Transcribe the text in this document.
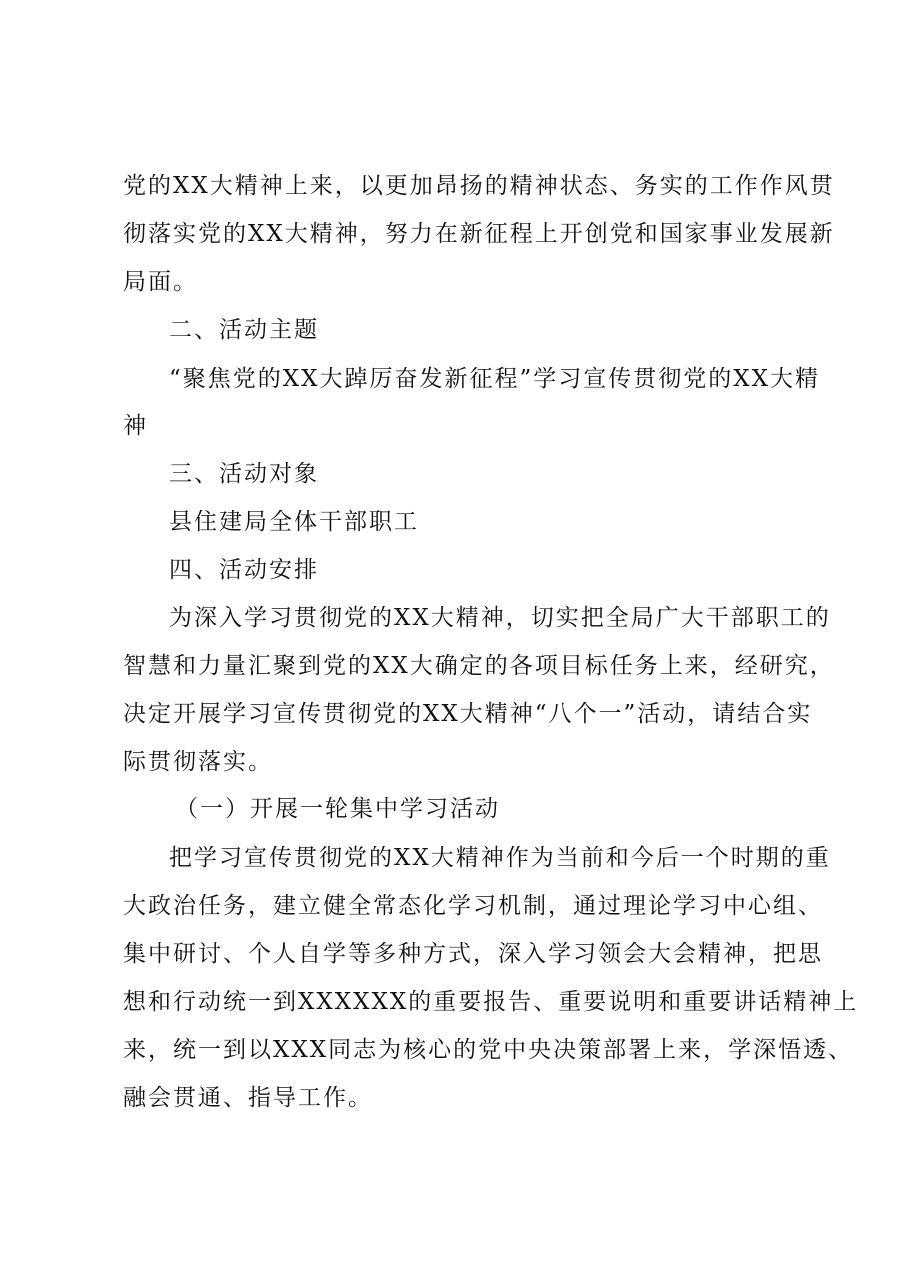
党的XX大精神上来，以更加昂扬的精神状态、务实的工作作风贯
彻落实党的XX大精神，努力在新征程上开创党和国家事业发展新
局面。
二、活动主题
“聚焦党的XX大踔厉奋发新征程”学习宣传贯彻党的XX大精
神
三、活动对象
县住建局全体干部职工
四、活动安排
为深入学习贯彻党的XX大精神，切实把全局广大干部职工的
智慧和力量汇聚到党的XX大确定的各项目标任务上来，经研究，
决定开展学习宣传贯彻党的XX大精神“八个一”活动，请结合实
际贯彻落实。
（一）开展一轮集中学习活动
把学习宣传贯彻党的XX大精神作为当前和今后一个时期的重
大政治任务，建立健全常态化学习机制，通过理论学习中心组、
集中研讨、个人自学等多种方式，深入学习领会大会精神，把思
想和行动统一到XXXXXX的重要报告、重要说明和重要讲话精神上
来，统一到以XXX同志为核心的党中央决策部署上来，学深悟透、
融会贯通、指导工作。
